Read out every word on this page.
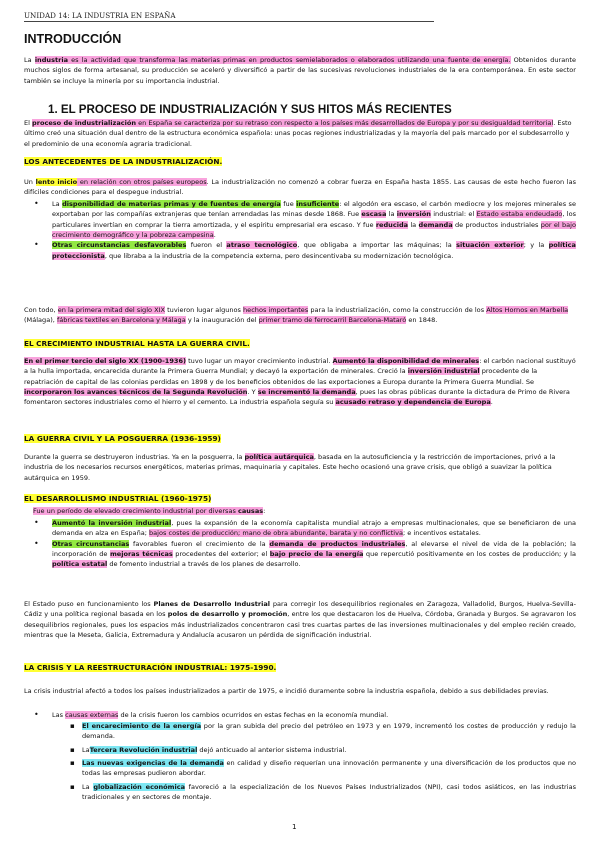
UNIDAD 14: LA INDUSTRIA EN ESPAÑA
INTRODUCCIÓN
La industria es la actividad que transforma las materias primas en productos semielaborados o elaborados utilizando una fuente de energía. Obtenidos durante muchos siglos de forma artesanal, su producción se aceleró y diversificó a partir de las sucesivas revoluciones industriales de la era contemporánea. En este sector también se incluye la minería por su importancia industrial.
1. EL PROCESO DE INDUSTRIALIZACIÓN Y SUS HITOS MÁS RECIENTES
El proceso de industrialización en España se caracteriza por su retraso con respecto a los países más desarrollados de Europa y por su desigualdad territorial. Esto último creó una situación dual dentro de la estructura económica española: unas pocas regiones industrializadas y la mayoría del país marcado por el subdesarrollo y el predominio de una economía agraria tradicional.
LOS ANTECEDENTES DE LA INDUSTRIALIZACIÓN.
Un lento inicio en relación con otros países europeos. La industrialización no comenzó a cobrar fuerza en España hasta 1855. Las causas de este hecho fueron las difíciles condiciones para el despegue industrial.
• La disponibilidad de materias primas y de fuentes de energía fue insuficiente: el algodón era escaso, el carbón mediocre y los mejores minerales se exportaban por las compañías extranjeras que tenían arrendadas las minas desde 1868. Fue escasa la inversión industrial: el Estado estaba endeudado, los particulares invertían en comprar la tierra amortizada, y el espíritu empresarial era escaso. Y fue reducida la demanda de productos industriales por el bajo crecimiento demográfico y la pobreza campesina.
• Otras circunstancias desfavorables fueron el atraso tecnológico, que obligaba a importar las máquinas; la situación exterior; y la política proteccionista, que libraba a la industria de la competencia externa, pero desincentivaba su modernización tecnológica.
Con todo, en la primera mitad del siglo XIX tuvieron lugar algunos hechos importantes para la industrialización, como la construcción de los Altos Hornos en Marbella (Málaga), fábricas textiles en Barcelona y Málaga y la inauguración del primer tramo de ferrocarril Barcelona-Mataró en 1848.
EL CRECIMIENTO INDUSTRIAL HASTA LA GUERRA CIVIL.
En el primer tercio del siglo XX (1900-1936) tuvo lugar un mayor crecimiento industrial. Aumentó la disponibilidad de minerales: el carbón nacional sustituyó a la hulla importada, encarecida durante la Primera Guerra Mundial; y decayó la exportación de minerales. Creció la inversión industrial procedente de la repatriación de capital de las colonias perdidas en 1898 y de los beneficios obtenidos de las exportaciones a Europa durante la Primera Guerra Mundial. Se incorporaron los avances técnicos de la Segunda Revolución. Y se incrementó la demanda, pues las obras públicas durante la dictadura de Primo de Rivera fomentaron sectores industriales como el hierro y el cemento. La industria española seguía su acusado retraso y dependencia de Europa.
LA GUERRA CIVIL Y LA POSGUERRA (1936-1959)
Durante la guerra se destruyeron industrias. Ya en la posguerra, la política autárquica, basada en la autosuficiencia y la restricción de importaciones, privó a la industria de los necesarios recursos energéticos, materias primas, maquinaria y capitales. Este hecho ocasionó una grave crisis, que obligó a suavizar la política autárquica en 1959.
EL DESARROLLISMO INDUSTRIAL (1960-1975)
Fue un período de elevado crecimiento industrial por diversas causas:
• Aumentó la inversión industrial, pues la expansión de la economía capitalista mundial atrajo a empresas multinacionales, que se beneficiaron de una demanda en alza en España; bajos costes de producción; mano de obra abundante, barata y no conflictiva; e incentivos estatales.
• Otras circunstancias favorables fueron el crecimiento de la demanda de productos industriales, al elevarse el nivel de vida de la población; la incorporación de mejoras técnicas procedentes del exterior; el bajo precio de la energía que repercutió positivamente en los costes de producción; y la política estatal de fomento industrial a través de los planes de desarrollo.
El Estado puso en funcionamiento los Planes de Desarrollo Industrial para corregir los desequilibrios regionales en Zaragoza, Valladolid, Burgos, Huelva-Sevilla-Cádiz y una política regional basada en los polos de desarrollo y promoción, entre los que destacaron los de Huelva, Córdoba, Granada y Burgos. Se agravaron los desequilibrios regionales, pues los espacios más industrializados concentraron casi tres cuartas partes de las inversiones multinacionales y del empleo recién creado, mientras que la Meseta, Galicia, Extremadura y Andalucía acusaron un pérdida de significación industrial.
LA CRISIS Y LA REESTRUCTURACIÓN INDUSTRIAL: 1975-1990.
La crisis industrial afectó a todos los países industrializados a partir de 1975, e incidió duramente sobre la industria española, debido a sus debilidades previas.
• Las causas externas de la crisis fueron los cambios ocurridos en estas fechas en la economía mundial.
▪ El encarecimiento de la energía por la gran subida del precio del petróleo en 1973 y en 1979, incrementó los costes de producción y redujo la demanda.
▪ LaTercera Revolución industrial dejó anticuado al anterior sistema industrial.
▪ Las nuevas exigencias de la demanda en calidad y diseño requerían una innovación permanente y una diversificación de los productos que no todas las empresas pudieron abordar.
▪ La globalización económica favoreció a la especialización de los Nuevos Países Industrializados (NPI), casi todos asiáticos, en las industrias tradicionales y en sectores de montaje.
1
